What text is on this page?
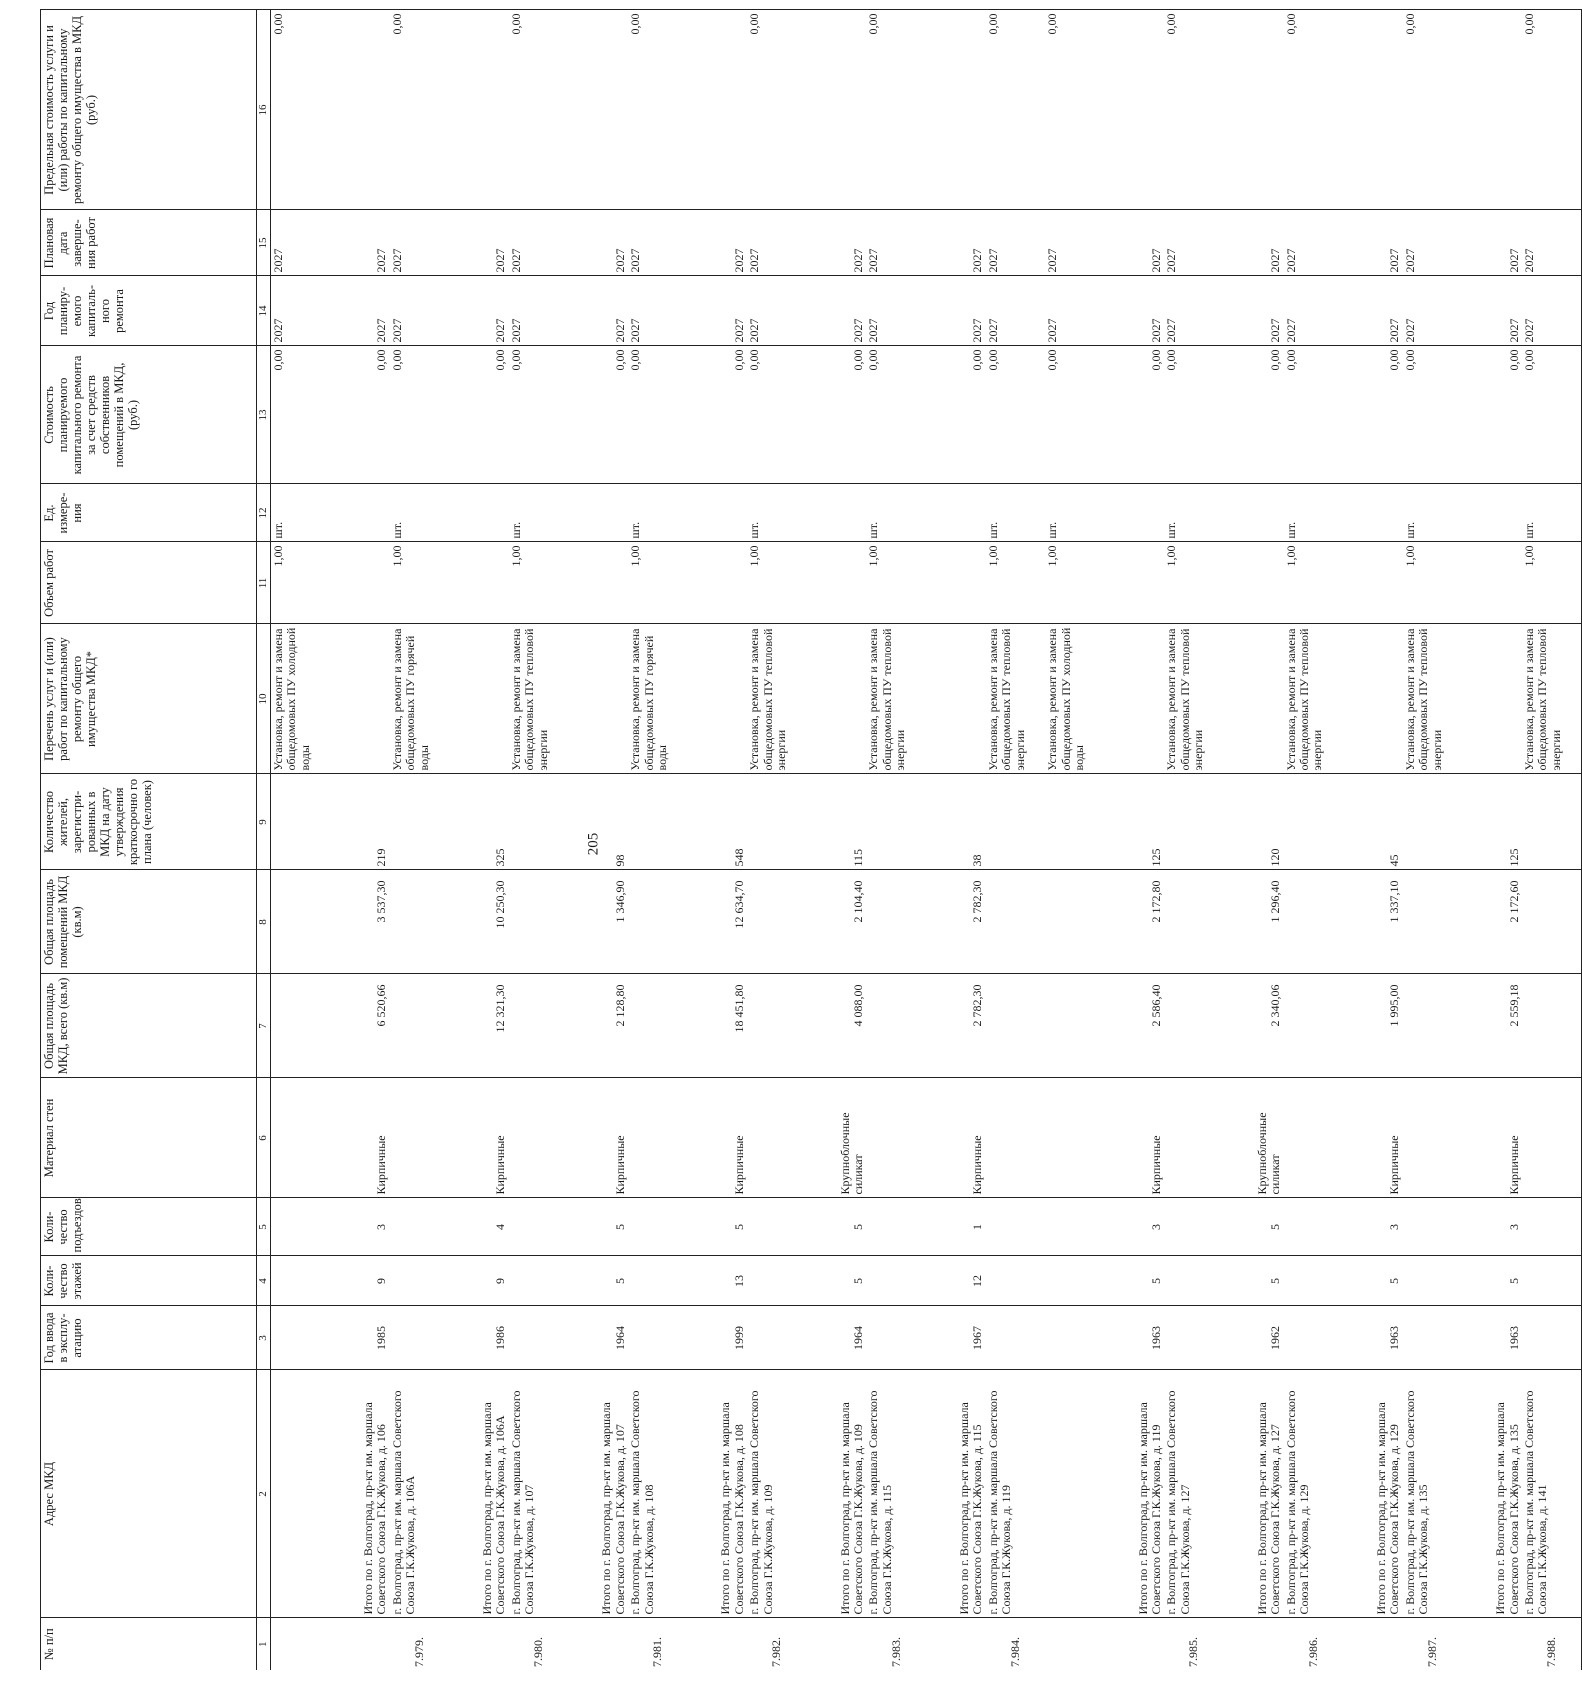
205
№ п/п	Адрес МКД	Год ввода в эксплу-атацию	Коли-чество этажей	Коли-чество подъездов	Материал стен	Общая площадь МКД, всего (кв.м)	Общая площадь помещений МКД (кв.м)	Количество жителей, зарегистри-рованных в МКД на дату утверждения краткосрочно го плана (человек)	Перечень услуг и (или) работ по капитальному ремонту общего имущества МКД*	Объем работ	Ед. измере-ния	Стоимость планируемого капитального ремонта за счет средств собственников помещений в МКД, (руб.)	Год планиру-емого капиталь-ного ремонта	Плановая дата заверше-ния работ	Предельная стоимость услуги и (или) работы по капитальному ремонту общего имущества в МКД (руб.)
1	2	3	4	5	6	7	8	9	10	11	12	13	14	15	16
									Установка, ремонт и замена общедомовых ПУ холодной воды	1,00	шт.	0,00	2027	2027	0,00
	Итого по г. Волгоград, пр-кт им. маршала Советского Союза Г.К.Жукова, д. 106	1985	9	3	Кирпичные	6 520,66	3 537,30	219				0,00	2027	2027	
7.979.	г. Волгоград, пр-кт им. маршала Советского Союза Г.К.Жукова, д. 106А								Установка, ремонт и замена общедомовых ПУ горячей воды	1,00	шт.	0,00	2027	2027	0,00
	Итого по г. Волгоград, пр-кт им. маршала Советского Союза Г.К.Жукова, д. 106А	1986	9	4	Кирпичные	12 321,30	10 250,30	325				0,00	2027	2027	
7.980.	г. Волгоград, пр-кт им. маршала Советского Союза Г.К.Жукова, д. 107								Установка, ремонт и замена общедомовых ПУ тепловой энергии	1,00	шт.	0,00	2027	2027	0,00
	Итого по г. Волгоград, пр-кт им. маршала Советского Союза Г.К.Жукова, д. 107	1964	5	5	Кирпичные	2 128,80	1 346,90	98				0,00	2027	2027	
7.981.	г. Волгоград, пр-кт им. маршала Советского Союза Г.К.Жукова, д. 108								Установка, ремонт и замена общедомовых ПУ горячей воды	1,00	шт.	0,00	2027	2027	0,00
	Итого по г. Волгоград, пр-кт им. маршала Советского Союза Г.К.Жукова, д. 108	1999	13	5	Кирпичные	18 451,80	12 634,70	548				0,00	2027	2027	
7.982.	г. Волгоград, пр-кт им. маршала Советского Союза Г.К.Жукова, д. 109								Установка, ремонт и замена общедомовых ПУ тепловой энергии	1,00	шт.	0,00	2027	2027	0,00
	Итого по г. Волгоград, пр-кт им. маршала Советского Союза Г.К.Жукова, д. 109	1964	5	5	Крупноблочные силикат	4 088,00	2 104,40	115				0,00	2027	2027	
7.983.	г. Волгоград, пр-кт им. маршала Советского Союза Г.К.Жукова, д. 115								Установка, ремонт и замена общедомовых ПУ тепловой энергии	1,00	шт.	0,00	2027	2027	0,00
	Итого по г. Волгоград, пр-кт им. маршала Советского Союза Г.К.Жукова, д. 115	1967	12	1	Кирпичные	2 782,30	2 782,30	38				0,00	2027	2027	
7.984.	г. Волгоград, пр-кт им. маршала Советского Союза Г.К.Жукова, д. 119								Установка, ремонт и замена общедомовых ПУ тепловой энергии	1,00	шт.	0,00	2027	2027	0,00
									Установка, ремонт и замена общедомовых ПУ холодной воды	1,00	шт.	0,00	2027	2027	0,00
	Итого по г. Волгоград, пр-кт им. маршала Советского Союза Г.К.Жукова, д. 119	1963	5	3	Кирпичные	2 586,40	2 172,80	125				0,00	2027	2027	
7.985.	г. Волгоград, пр-кт им. маршала Советского Союза Г.К.Жукова, д. 127								Установка, ремонт и замена общедомовых ПУ тепловой энергии	1,00	шт.	0,00	2027	2027	0,00
	Итого по г. Волгоград, пр-кт им. маршала Советского Союза Г.К.Жукова, д. 127	1962	5	5	Крупноблочные силикат	2 340,06	1 296,40	120				0,00	2027	2027	
7.986.	г. Волгоград, пр-кт им. маршала Советского Союза Г.К.Жукова, д. 129								Установка, ремонт и замена общедомовых ПУ тепловой энергии	1,00	шт.	0,00	2027	2027	0,00
	Итого по г. Волгоград, пр-кт им. маршала Советского Союза Г.К.Жукова, д. 129	1963	5	3	Кирпичные	1 995,00	1 337,10	45				0,00	2027	2027	
7.987.	г. Волгоград, пр-кт им. маршала Советского Союза Г.К.Жукова, д. 135								Установка, ремонт и замена общедомовых ПУ тепловой энергии	1,00	шт.	0,00	2027	2027	0,00
	Итого по г. Волгоград, пр-кт им. маршала Советского Союза Г.К.Жукова, д. 135	1963	5	3	Кирпичные	2 559,18	2 172,60	125				0,00	2027	2027	
7.988.	г. Волгоград, пр-кт им. маршала Советского Союза Г.К.Жукова, д. 141								Установка, ремонт и замена общедомовых ПУ тепловой энергии	1,00	шт.	0,00	2027	2027	0,00
